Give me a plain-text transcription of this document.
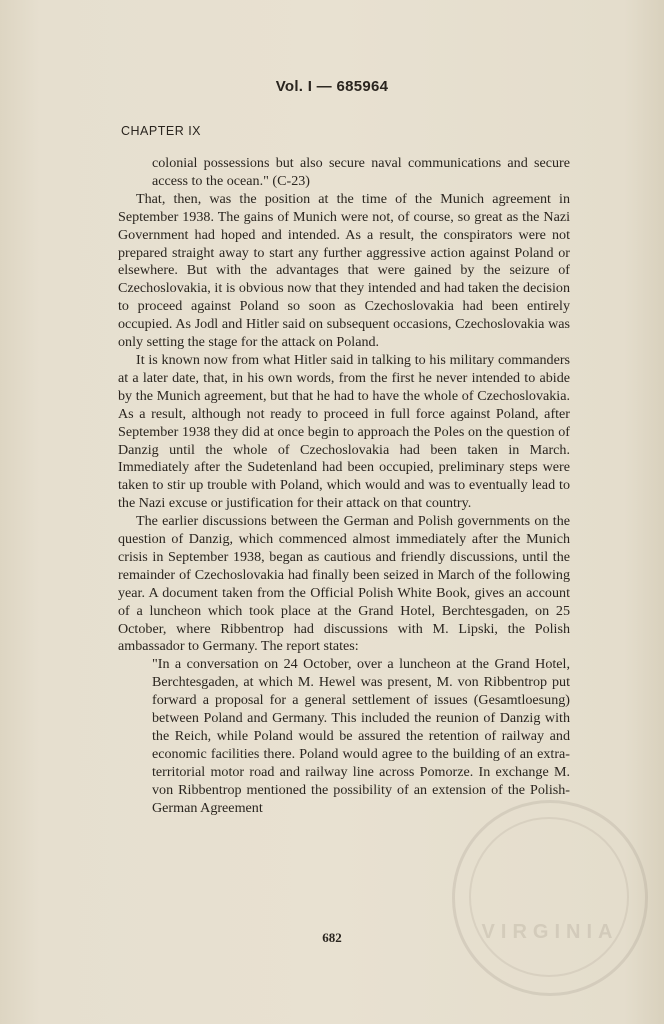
Vol. I — 685964
CHAPTER IX

colonial possessions but also secure naval communications and secure access to the ocean." (C-23)

That, then, was the position at the time of the Munich agreement in September 1938. The gains of Munich were not, of course, so great as the Nazi Government had hoped and intended. As a result, the conspirators were not prepared straight away to start any further aggressive action against Poland or elsewhere. But with the advantages that were gained by the seizure of Czechoslovakia, it is obvious now that they intended and had taken the decision to proceed against Poland so soon as Czechoslovakia had been entirely occupied. As Jodl and Hitler said on subsequent occasions, Czechoslovakia was only setting the stage for the attack on Poland.

It is known now from what Hitler said in talking to his military commanders at a later date, that, in his own words, from the first he never intended to abide by the Munich agreement, but that he had to have the whole of Czechoslovakia. As a result, although not ready to proceed in full force against Poland, after September 1938 they did at once begin to approach the Poles on the question of Danzig until the whole of Czechoslovakia had been taken in March. Immediately after the Sudetenland had been occupied, preliminary steps were taken to stir up trouble with Poland, which would and was to eventually lead to the Nazi excuse or justification for their attack on that country.

The earlier discussions between the German and Polish governments on the question of Danzig, which commenced almost immediately after the Munich crisis in September 1938, began as cautious and friendly discussions, until the remainder of Czechoslovakia had finally been seized in March of the following year. A document taken from the Official Polish White Book, gives an account of a luncheon which took place at the Grand Hotel, Berchtesgaden, on 25 October, where Ribbentrop had discussions with M. Lipski, the Polish ambassador to Germany. The report states:

"In a conversation on 24 October, over a luncheon at the Grand Hotel, Berchtesgaden, at which M. Hewel was present, M. von Ribbentrop put forward a proposal for a general settlement of issues (Gesamtloesung) between Poland and Germany. This included the reunion of Danzig with the Reich, while Poland would be assured the retention of railway and economic facilities there. Poland would agree to the building of an extra-territorial motor road and railway line across Pomorze. In exchange M. von Ribbentrop mentioned the possibility of an extension of the Polish-German Agreement

VIRGINIA
682
